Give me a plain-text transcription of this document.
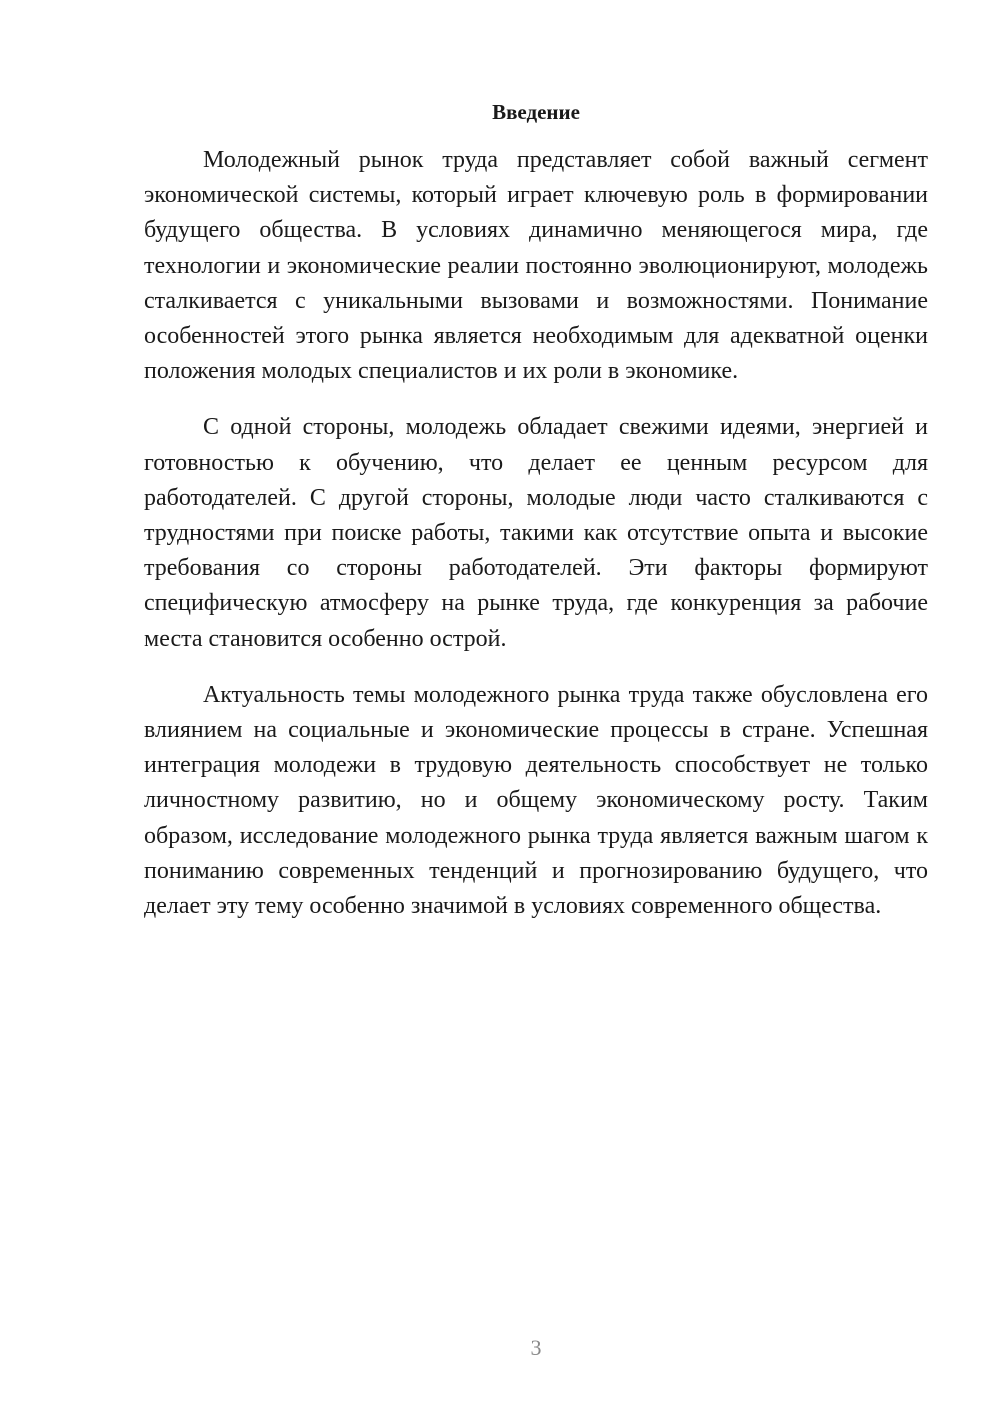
Введение

Молодежный рынок труда представляет собой важный сегмент экономической системы, который играет ключевую роль в формировании будущего общества. В условиях динамично меняющегося мира, где технологии и экономические реалии постоянно эволюционируют, молодежь сталкивается с уникальными вызовами и возможностями. Понимание особенностей этого рынка является необходимым для адекватной оценки положения молодых специалистов и их роли в экономике.

С одной стороны, молодежь обладает свежими идеями, энергией и готовностью к обучению, что делает ее ценным ресурсом для работодателей. С другой стороны, молодые люди часто сталкиваются с трудностями при поиске работы, такими как отсутствие опыта и высокие требования со стороны работодателей. Эти факторы формируют специфическую атмосферу на рынке труда, где конкуренция за рабочие места становится особенно острой.

Актуальность темы молодежного рынка труда также обусловлена его влиянием на социальные и экономические процессы в стране. Успешная интеграция молодежи в трудовую деятельность способствует не только личностному развитию, но и общему экономическому росту. Таким образом, исследование молодежного рынка труда является важным шагом к пониманию современных тенденций и прогнозированию будущего, что делает эту тему особенно значимой в условиях современного общества.

3
